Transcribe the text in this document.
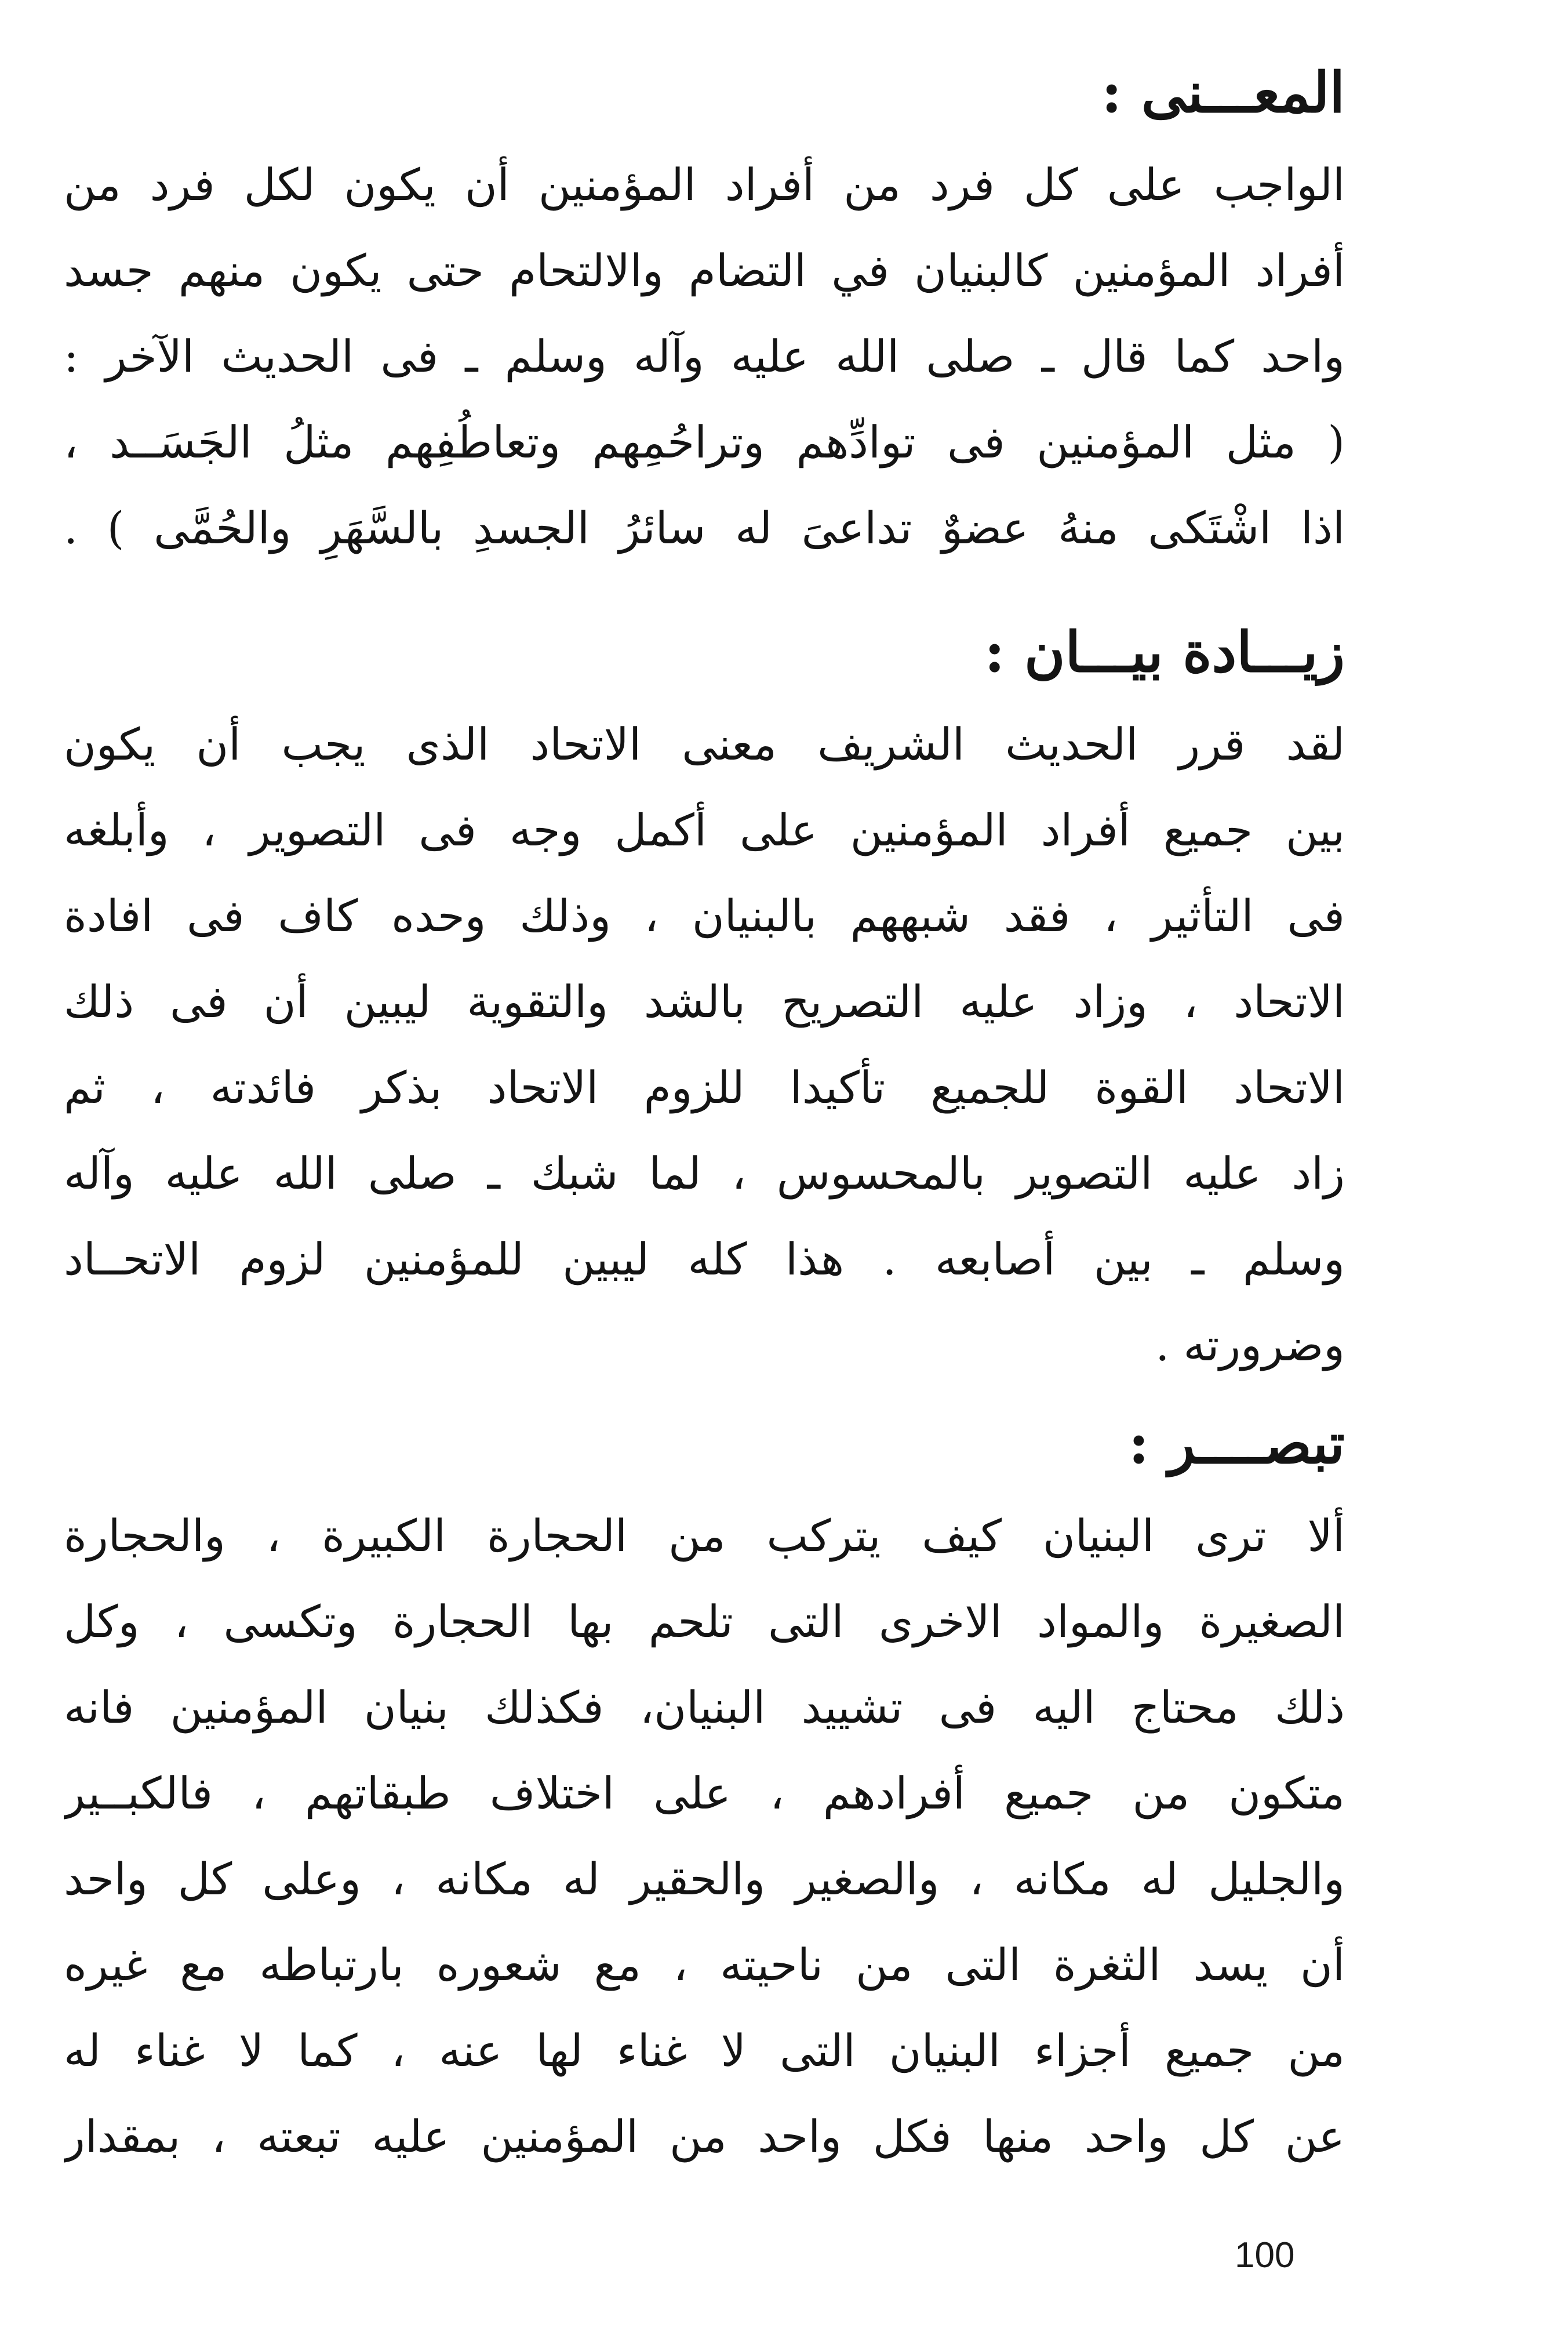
المعـــنى :

الواجب على كل فرد من أفراد المؤمنين أن يكون لكل فرد من
أفراد المؤمنين كالبنيان في التضام والالتحام حتى يكون منهم جسد
واحد كما قال ـ صلى الله عليه وآله وسلم ـ فى الحديث الآخر :
( مثل المؤمنين فى توادِّهم وتراحُمِهم وتعاطُفِهم مثلُ الجَسَــد ،
اذا اشْتَكى منهُ عضوٌ تداعىَ له سائرُ الجسدِ بالسَّهَرِ والحُمَّى ) .

زيـــادة بيـــان :

لقد قرر الحديث الشريف معنى الاتحاد الذى يجب أن يكون
بين جميع أفراد المؤمنين على أكمل وجه فى التصوير ، وأبلغه
فى التأثير ، فقد شبههم بالبنيان ، وذلك وحده كاف فى افادة
الاتحاد ، وزاد عليه التصريح بالشد والتقوية ليبين أن فى ذلك
الاتحاد القوة للجميع تأكيدا للزوم الاتحاد بذكر فائدته ، ثم
زاد عليه التصوير بالمحسوس ، لما شبك ـ صلى الله عليه وآله
وسلم ـ بين أصابعه . هذا كله ليبين للمؤمنين لزوم الاتحــاد
وضرورته .

تبصــــر :

ألا ترى البنيان كيف يتركب من الحجارة الكبيرة ، والحجارة
الصغيرة والمواد الاخرى التى تلحم بها الحجارة وتكسى ، وكل
ذلك محتاج اليه فى تشييد البنيان، فكذلك بنيان المؤمنين فانه
متكون من جميع أفرادهم ، على اختلاف طبقاتهم ، فالكبــير
والجليل له مكانه ، والصغير والحقير له مكانه ، وعلى كل واحد
أن يسد الثغرة التى من ناحيته ، مع شعوره بارتباطه مع غيره
من جميع أجزاء البنيان التى لا غناء لها عنه ، كما لا غناء له
عن كل واحد منها فكل واحد من المؤمنين عليه تبعته ، بمقدار

100
